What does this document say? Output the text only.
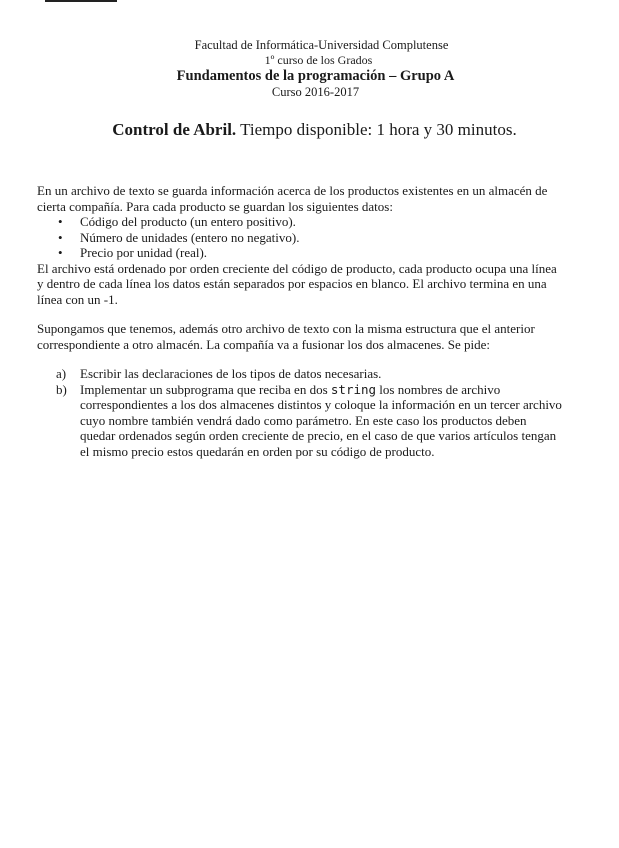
Facultad de Informática-Universidad Complutense
1º curso de los Grados
Fundamentos de la programación – Grupo A
Curso 2016-2017
Control de Abril. Tiempo disponible: 1 hora y 30 minutos.
En un archivo de texto se guarda información acerca de los productos existentes en un almacén de
cierta compañía. Para cada producto se guardan los siguientes datos:
• Código del producto (un entero positivo).
• Número de unidades (entero no negativo).
• Precio por unidad (real).
El archivo está ordenado por orden creciente del código de producto, cada producto ocupa una línea
y dentro de cada línea los datos están separados por espacios en blanco. El archivo termina en una
línea con un -1.
Supongamos que tenemos, además otro archivo de texto con la misma estructura que el anterior
correspondiente a otro almacén. La compañía va a fusionar los dos almacenes. Se pide:
a) Escribir las declaraciones de los tipos de datos necesarias.
b) Implementar un subprograma que reciba en dos string los nombres de archivo
correspondientes a los dos almacenes distintos y coloque la información en un tercer archivo
cuyo nombre también vendrá dado como parámetro. En este caso los productos deben
quedar ordenados según orden creciente de precio, en el caso de que varios artículos tengan
el mismo precio estos quedarán en orden por su código de producto.
